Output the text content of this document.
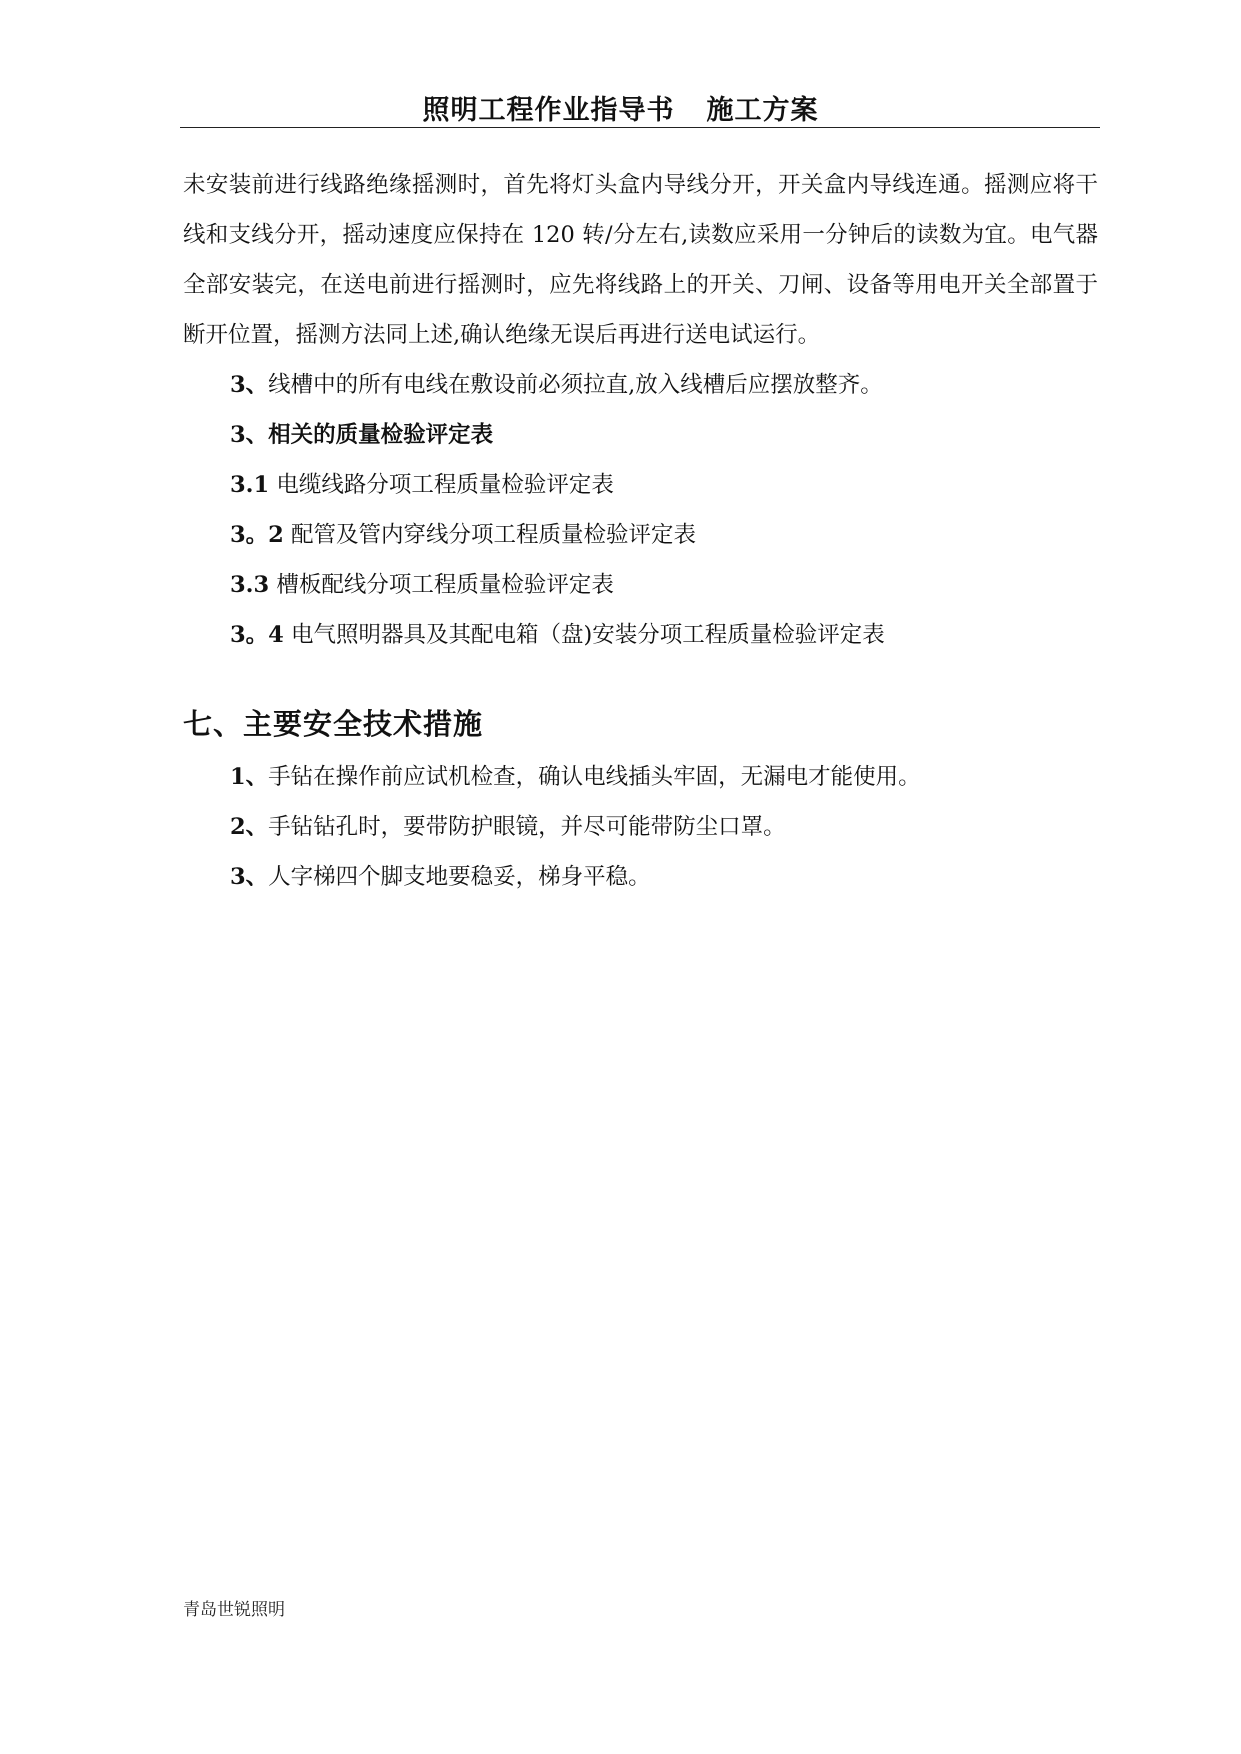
照明工程作业指导书 施工方案

未安装前进行线路绝缘摇测时，首先将灯头盒内导线分开，开关盒内导线连通。摇测应将干线和支线分开，摇动速度应保持在 120 转/分左右,读数应采用一分钟后的读数为宜。电气器全部安装完，在送电前进行摇测时，应先将线路上的开关、刀闸、设备等用电开关全部置于断开位置，摇测方法同上述,确认绝缘无误后再进行送电试运行。

3、线槽中的所有电线在敷设前必须拉直,放入线槽后应摆放整齐。

3、相关的质量检验评定表

3.1 电缆线路分项工程质量检验评定表

3。2 配管及管内穿线分项工程质量检验评定表

3.3 槽板配线分项工程质量检验评定表

3。4 电气照明器具及其配电箱（盘)安装分项工程质量检验评定表

七、主要安全技术措施

1、手钻在操作前应试机检查，确认电线插头牢固，无漏电才能使用。

2、手钻钻孔时，要带防护眼镜，并尽可能带防尘口罩。

3、人字梯四个脚支地要稳妥，梯身平稳。

青岛世锐照明
